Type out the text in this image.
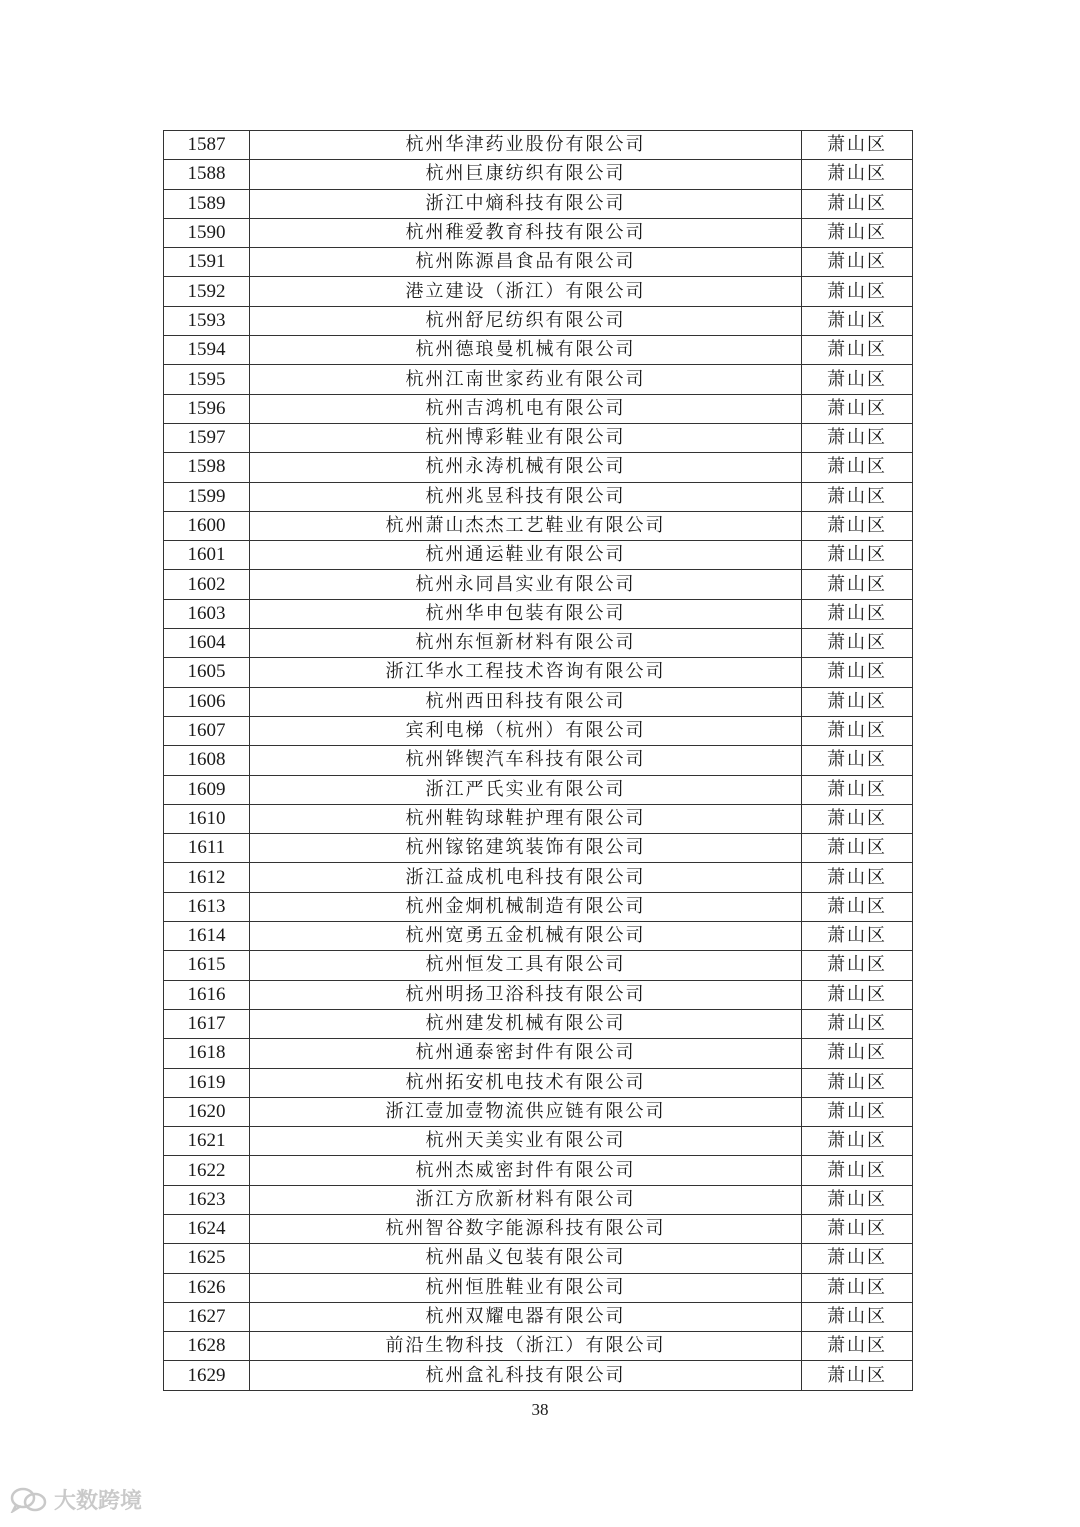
1587	杭州华津药业股份有限公司	萧山区
1588	杭州巨康纺织有限公司	萧山区
1589	浙江中熵科技有限公司	萧山区
1590	杭州稚爱教育科技有限公司	萧山区
1591	杭州陈源昌食品有限公司	萧山区
1592	港立建设（浙江）有限公司	萧山区
1593	杭州舒尼纺织有限公司	萧山区
1594	杭州德琅曼机械有限公司	萧山区
1595	杭州江南世家药业有限公司	萧山区
1596	杭州吉鸿机电有限公司	萧山区
1597	杭州博彩鞋业有限公司	萧山区
1598	杭州永涛机械有限公司	萧山区
1599	杭州兆昱科技有限公司	萧山区
1600	杭州萧山杰杰工艺鞋业有限公司	萧山区
1601	杭州通运鞋业有限公司	萧山区
1602	杭州永同昌实业有限公司	萧山区
1603	杭州华申包装有限公司	萧山区
1604	杭州东恒新材料有限公司	萧山区
1605	浙江华水工程技术咨询有限公司	萧山区
1606	杭州西田科技有限公司	萧山区
1607	宾利电梯（杭州）有限公司	萧山区
1608	杭州铧锲汽车科技有限公司	萧山区
1609	浙江严氏实业有限公司	萧山区
1610	杭州鞋钩球鞋护理有限公司	萧山区
1611	杭州镓铭建筑装饰有限公司	萧山区
1612	浙江益成机电科技有限公司	萧山区
1613	杭州金炯机械制造有限公司	萧山区
1614	杭州宽勇五金机械有限公司	萧山区
1615	杭州恒发工具有限公司	萧山区
1616	杭州明扬卫浴科技有限公司	萧山区
1617	杭州建发机械有限公司	萧山区
1618	杭州通泰密封件有限公司	萧山区
1619	杭州拓安机电技术有限公司	萧山区
1620	浙江壹加壹物流供应链有限公司	萧山区
1621	杭州天美实业有限公司	萧山区
1622	杭州杰威密封件有限公司	萧山区
1623	浙江方欣新材料有限公司	萧山区
1624	杭州智谷数字能源科技有限公司	萧山区
1625	杭州晶义包装有限公司	萧山区
1626	杭州恒胜鞋业有限公司	萧山区
1627	杭州双耀电器有限公司	萧山区
1628	前沿生物科技（浙江）有限公司	萧山区
1629	杭州盒礼科技有限公司	萧山区
38
大数跨境
